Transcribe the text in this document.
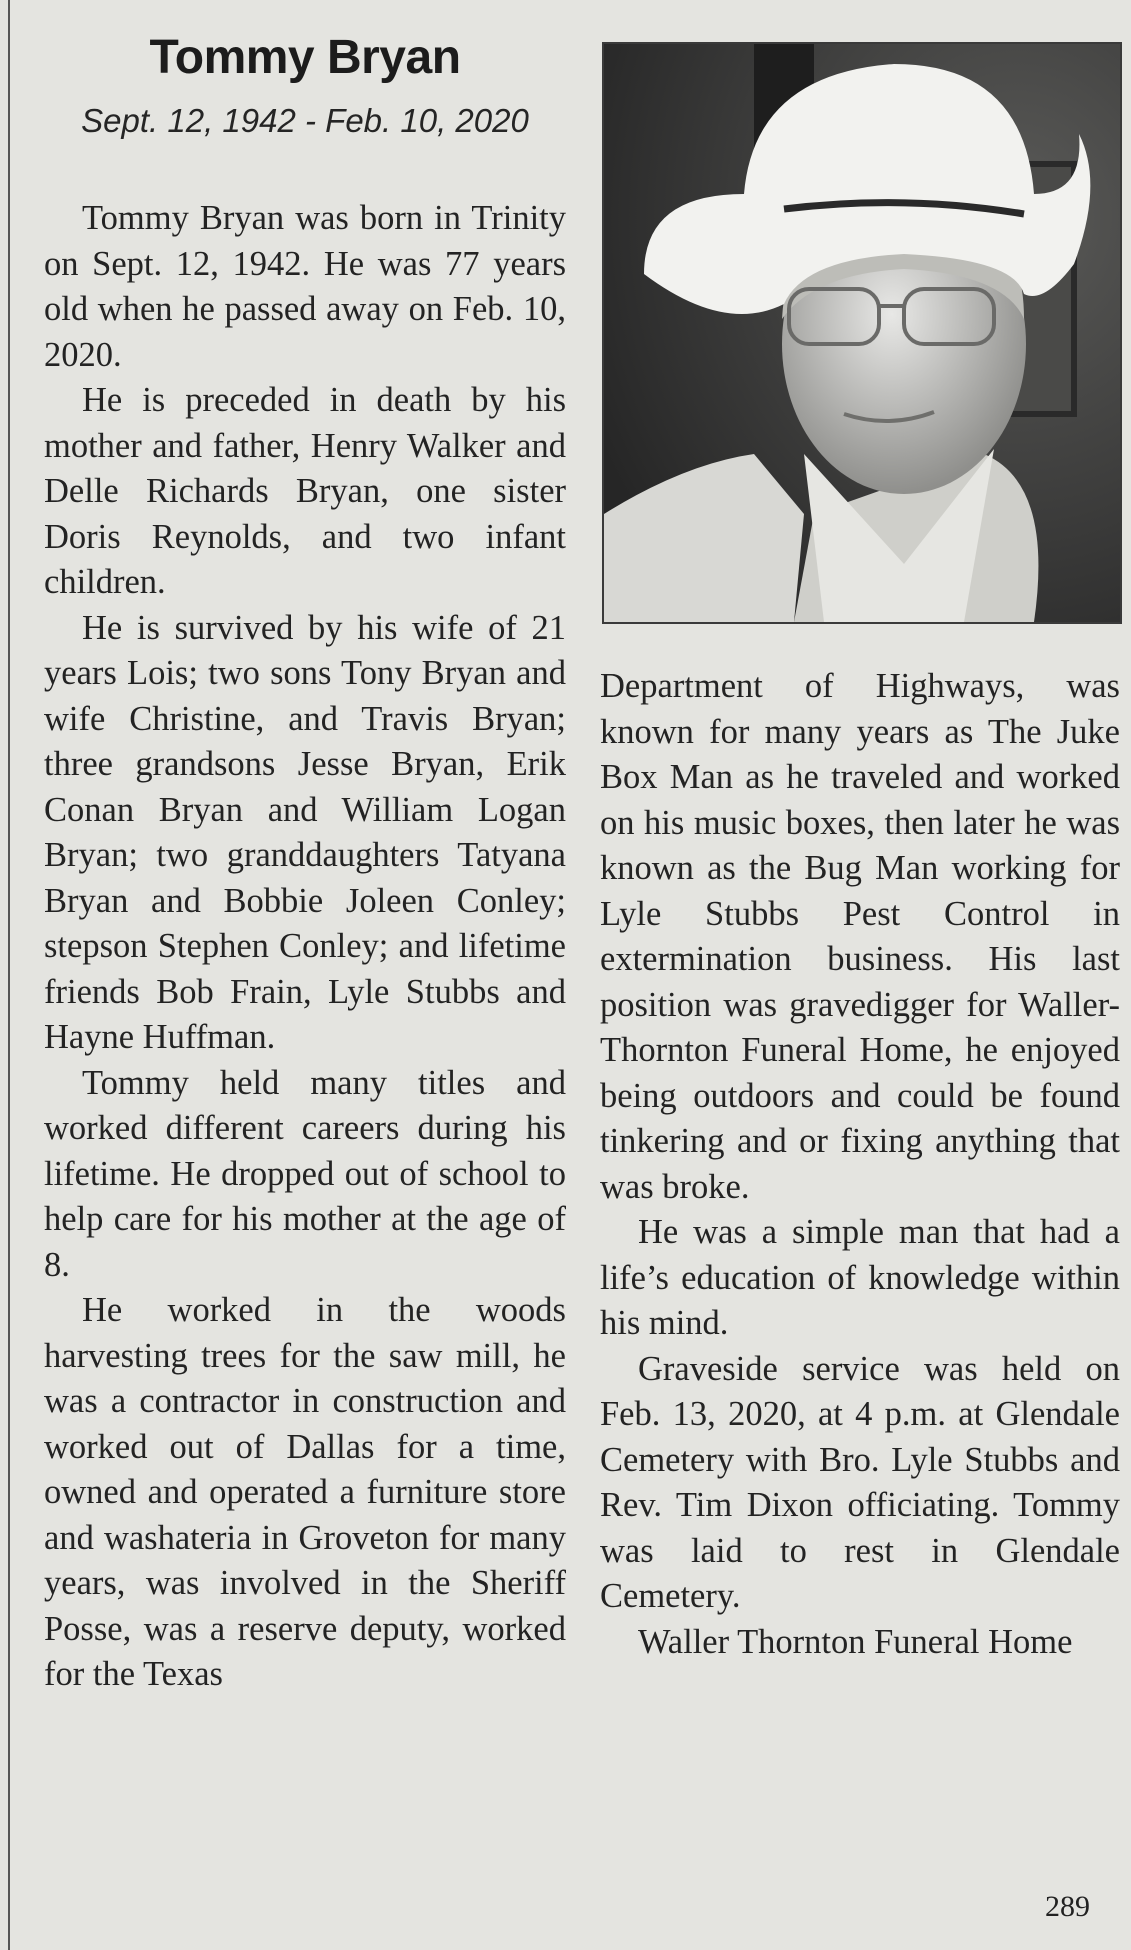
Tommy Bryan
Sept. 12, 1942 - Feb. 10, 2020

Tommy Bryan was born in Trinity on Sept. 12, 1942. He was 77 years old when he passed away on Feb. 10, 2020.

He is preceded in death by his mother and father, Henry Walker and Delle Richards Bryan, one sister Doris Reynolds, and two infant children.

He is survived by his wife of 21 years Lois; two sons Tony Bryan and wife Christine, and Travis Bryan; three grandsons Jesse Bryan, Erik Conan Bryan and William Logan Bryan; two granddaughters Tatyana Bryan and Bobbie Joleen Conley; stepson Stephen Conley; and lifetime friends Bob Frain, Lyle Stubbs and Hayne Huffman.

Tommy held many titles and worked different careers during his lifetime. He dropped out of school to help care for his mother at the age of 8.

He worked in the woods harvesting trees for the saw mill, he was a contractor in construction and worked out of Dallas for a time, owned and operated a furniture store and washateria in Groveton for many years, was involved in the Sheriff Posse, was a reserve deputy, worked for the Texas

Department of Highways, was known for many years as The Juke Box Man as he traveled and worked on his music boxes, then later he was known as the Bug Man working for Lyle Stubbs Pest Control in extermination business. His last position was gravedigger for Waller-Thornton Funeral Home, he enjoyed being outdoors and could be found tinkering and or fixing anything that was broke.

He was a simple man that had a life’s education of knowledge within his mind.

Graveside service was held on Feb. 13, 2020, at 4 p.m. at Glendale Cemetery with Bro. Lyle Stubbs and Rev. Tim Dixon officiating. Tommy was laid to rest in Glendale Cemetery.

Waller Thornton Funeral Home

289
